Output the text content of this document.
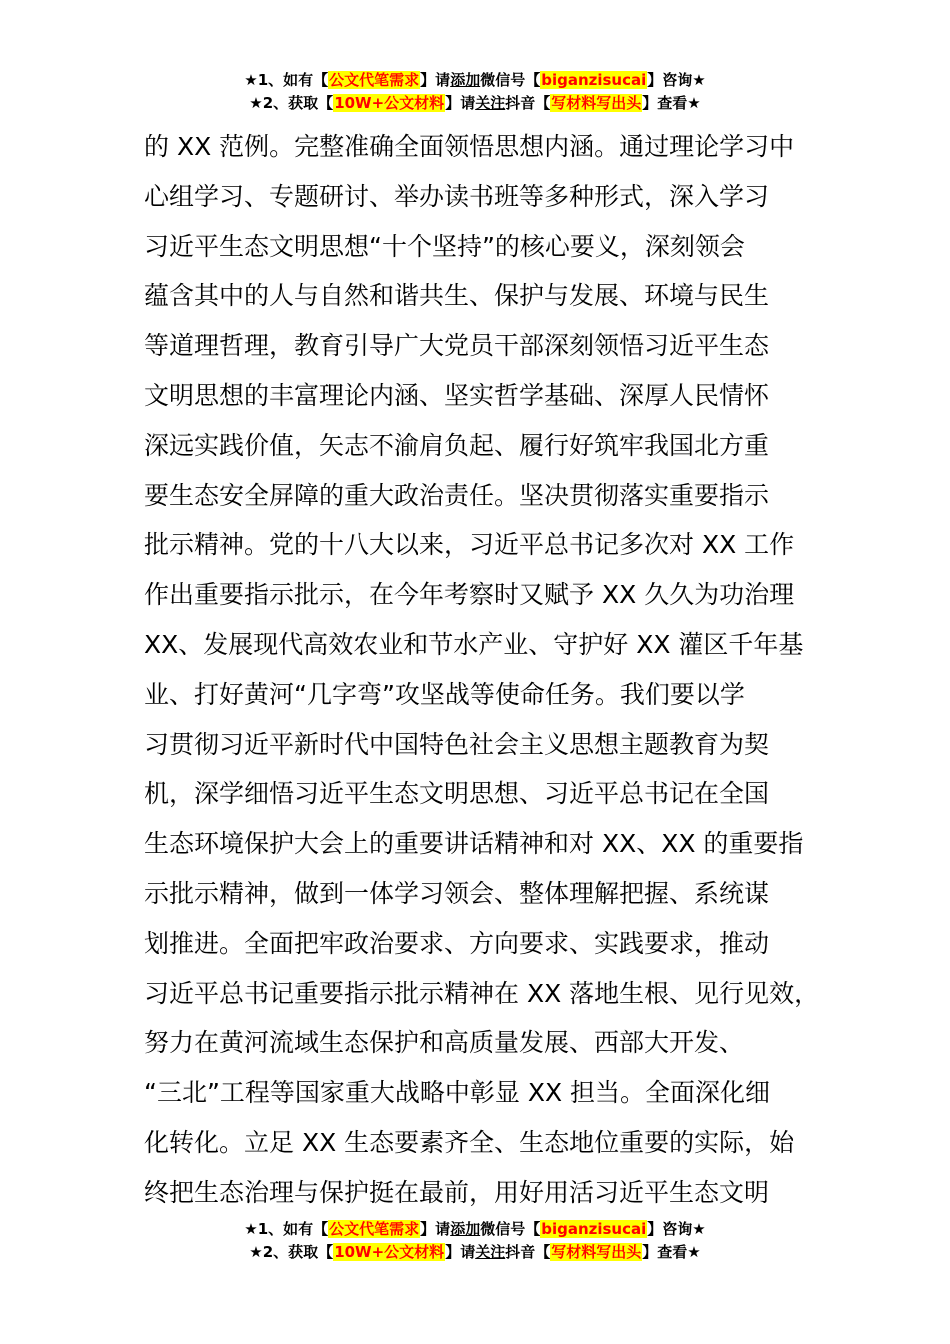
★1、如有【公文代笔需求】请添加微信号【biganzisucai】咨询★
★2、获取【10W+公文材料】请关注抖音【写材料写出头】查看★
的 XX 范例。完整准确全面领悟思想内涵。通过理论学习中
心组学习、专题研讨、举办读书班等多种形式，深入学习
习近平生态文明思想“十个坚持”的核心要义，深刻领会
蕴含其中的人与自然和谐共生、保护与发展、环境与民生
等道理哲理，教育引导广大党员干部深刻领悟习近平生态
文明思想的丰富理论内涵、坚实哲学基础、深厚人民情怀
深远实践价值，矢志不渝肩负起、履行好筑牢我国北方重
要生态安全屏障的重大政治责任。坚决贯彻落实重要指示
批示精神。党的十八大以来，习近平总书记多次对 XX 工作
作出重要指示批示，在今年考察时又赋予 XX 久久为功治理
XX、发展现代高效农业和节水产业、守护好 XX 灌区千年基
业、打好黄河“几字弯”攻坚战等使命任务。我们要以学
习贯彻习近平新时代中国特色社会主义思想主题教育为契
机，深学细悟习近平生态文明思想、习近平总书记在全国
生态环境保护大会上的重要讲话精神和对 XX、XX 的重要指
示批示精神，做到一体学习领会、整体理解把握、系统谋
划推进。全面把牢政治要求、方向要求、实践要求，推动
习近平总书记重要指示批示精神在 XX 落地生根、见行见效，
努力在黄河流域生态保护和高质量发展、西部大开发、
“三北”工程等国家重大战略中彰显 XX 担当。全面深化细
化转化。立足 XX 生态要素齐全、生态地位重要的实际，始
终把生态治理与保护挺在最前，用好用活习近平生态文明
★1、如有【公文代笔需求】请添加微信号【biganzisucai】咨询★
★2、获取【10W+公文材料】请关注抖音【写材料写出头】查看★
